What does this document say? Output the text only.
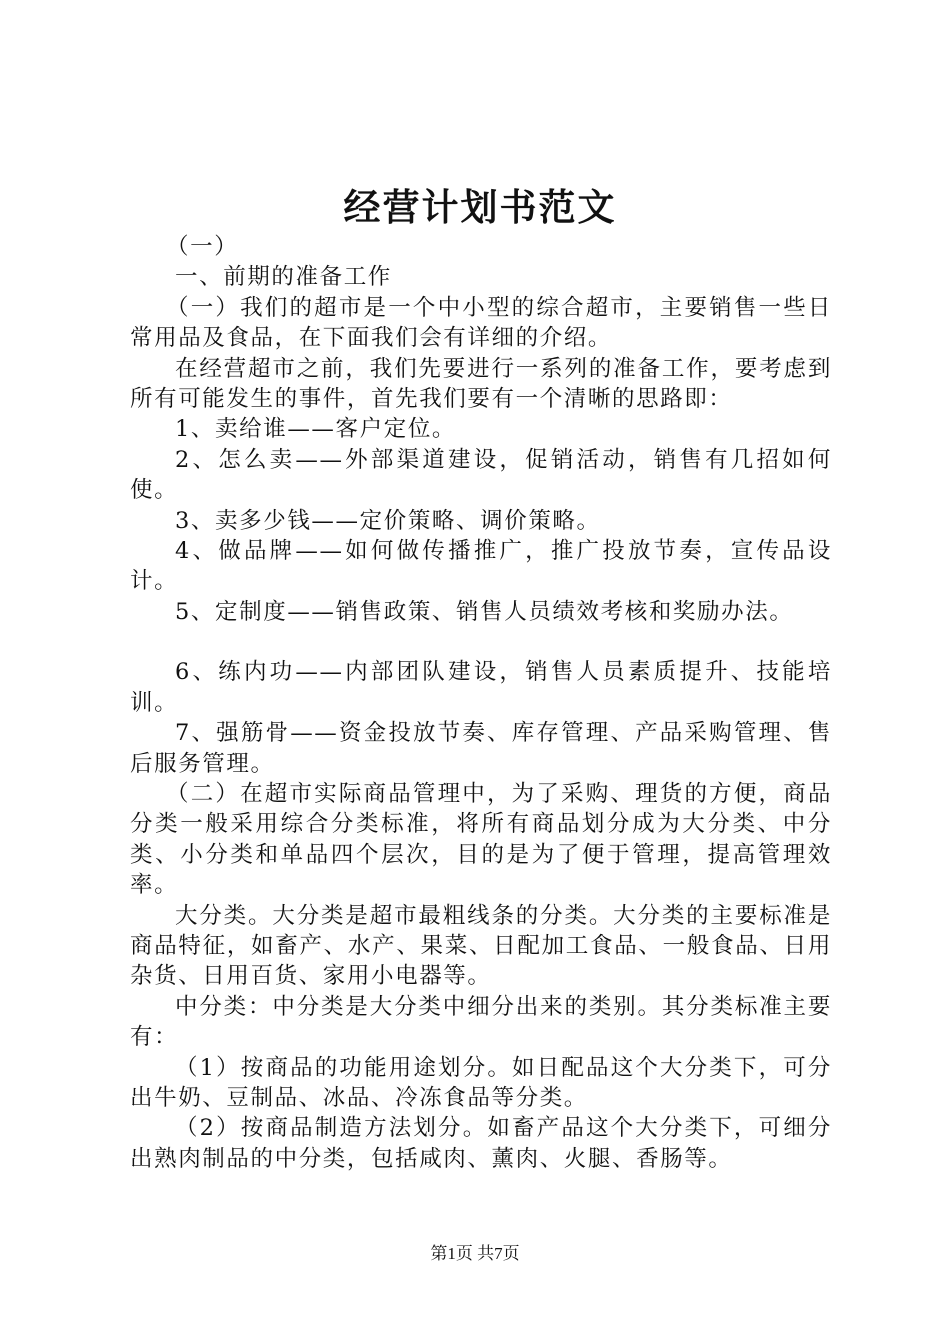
经营计划书范文

（一）

一、前期的准备工作

（一）我们的超市是一个中小型的综合超市，主要销售一些日常用品及食品，在下面我们会有详细的介绍。

在经营超市之前，我们先要进行一系列的准备工作，要考虑到所有可能发生的事件，首先我们要有一个清晰的思路即：

1、卖给谁——客户定位。

2、怎么卖——外部渠道建设，促销活动，销售有几招如何使。

3、卖多少钱——定价策略、调价策略。

4、做品牌——如何做传播推广，推广投放节奏，宣传品设计。

5、定制度——销售政策、销售人员绩效考核和奖励办法。

6、练内功——内部团队建设，销售人员素质提升、技能培训。

7、强筋骨——资金投放节奏、库存管理、产品采购管理、售后服务管理。

（二）在超市实际商品管理中，为了采购、理货的方便，商品分类一般采用综合分类标准，将所有商品划分成为大分类、中分类、小分类和单品四个层次，目的是为了便于管理，提高管理效率。

大分类。大分类是超市最粗线条的分类。大分类的主要标准是商品特征，如畜产、水产、果菜、日配加工食品、一般食品、日用杂货、日用百货、家用小电器等。

中分类：中分类是大分类中细分出来的类别。其分类标准主要有：

（1）按商品的功能用途划分。如日配品这个大分类下，可分出牛奶、豆制品、冰品、冷冻食品等分类。

（2）按商品制造方法划分。如畜产品这个大分类下，可细分出熟肉制品的中分类，包括咸肉、薰肉、火腿、香肠等。

第1页 共7页
